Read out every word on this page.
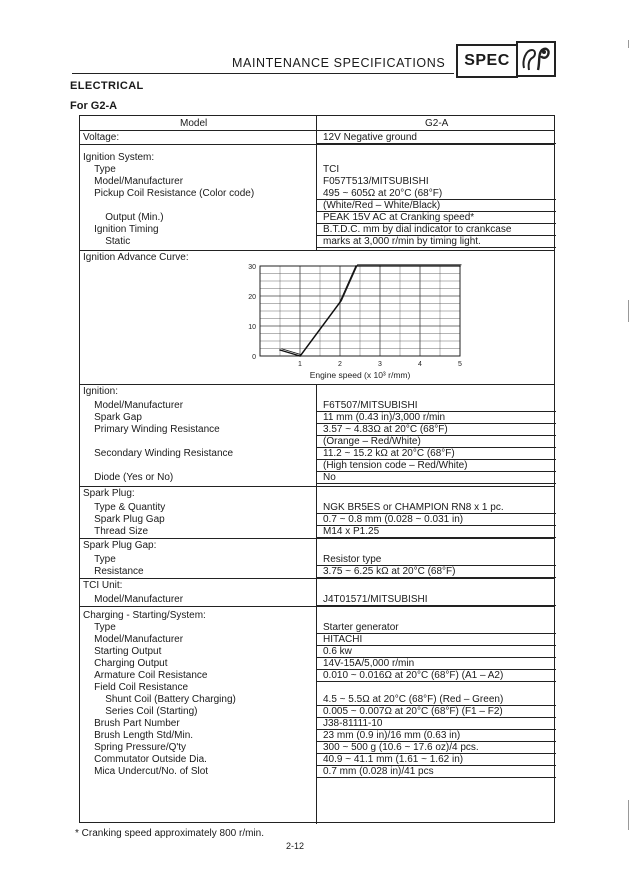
MAINTENANCE SPECIFICATIONS	SPEC
ELECTRICAL
For G2-A
Model	G2-A
0
10
20
30
1	2	3	4	5
Engine speed (x 10³ r/mm)
Voltage:	12V Negative ground
Ignition System:
Type	TCI
Model/Manufacturer	F057T513/MITSUBISHI
Pickup Coil Resistance (Color code)	495 ~ 605Ω at 20°C (68°F)
(White/Red – White/Black)
Output (Min.)	PEAK 15V AC at Cranking speed*
Ignition Timing	B.T.D.C. mm by dial indicator to crankcase
Static	marks at 3,000 r/min by timing light.
Ignition Advance Curve:
Ignition:
Model/Manufacturer	F6T507/MITSUBISHI
Spark Gap	11 mm (0.43 in)/3,000 r/min
Primary Winding Resistance	3.57 ~ 4.83Ω at 20°C (68°F)
(Orange – Red/White)
Secondary Winding Resistance	11.2 ~ 15.2 kΩ at 20°C (68°F)
(High tension code – Red/White)
Diode (Yes or No)	No
Spark Plug:
Type & Quantity	NGK BR5ES or CHAMPION RN8 x 1 pc.
Spark Plug Gap	0.7 ~ 0.8 mm (0.028 ~ 0.031 in)
Thread Size	M14 x P1.25
Spark Plug Gap:
Type	Resistor type
Resistance	3.75 ~ 6.25 kΩ at 20°C (68°F)
TCI Unit:
Model/Manufacturer	J4T01571/MITSUBISHI
Charging - Starting/System:
Type	Starter generator
Model/Manufacturer	HITACHI
Starting Output	0.6 kw
Charging Output	14V-15A/5,000 r/min
Armature Coil Resistance	0.010 ~ 0.016Ω at 20°C (68°F) (A1 – A2)
Field Coil Resistance
Shunt Coil (Battery Charging)	4.5 ~ 5.5Ω at 20°C (68°F) (Red – Green)
Series Coil (Starting)	0.005 ~ 0.007Ω at 20°C (68°F) (F1 – F2)
Brush Part Number	J38-81111-10
Brush Length Std/Min.	23 mm (0.9 in)/16 mm (0.63 in)
Spring Pressure/Q'ty	300 ~ 500 g (10.6 ~ 17.6 oz)/4 pcs.
Commutator Outside Dia.	40.9 ~ 41.1 mm (1.61 ~ 1.62 in)
Mica Undercut/No. of Slot	0.7 mm (0.028 in)/41 pcs
* Cranking speed approximately 800 r/min.
2-12
